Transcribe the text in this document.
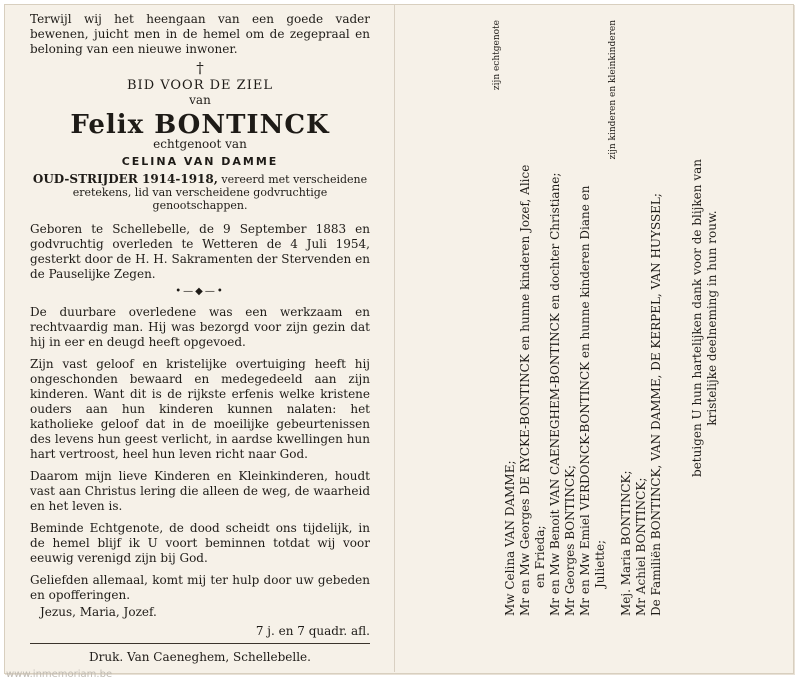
Terwijl wij het heengaan van een goede vader bewenen, juicht men in de hemel om de zegepraal en beloning van een nieuwe inwoner.

†

BID VOOR DE ZIEL

van

Felix BONTINCK

echtgenoot van

CELINA VAN DAMME

OUD-STRIJDER 1914-1918, vereerd met verscheidene eretekens, lid van verscheidene godvruchtige genootschappen.

Geboren te Schellebelle, de 9 September 1883 en godvruchtig overleden te Wetteren de 4 Juli 1954, gesterkt door de H. H. Sakramenten der Stervenden en de Pauselijke Zegen.

•—◆—•

De duurbare overledene was een werkzaam en rechtvaardig man. Hij was bezorgd voor zijn gezin dat hij in eer en deugd heeft opgevoed.

Zijn vast geloof en kristelijke overtuiging heeft hij ongeschonden bewaard en medegedeeld aan zijn kinderen. Want dit is de rijkste erfenis welke kristene ouders aan hun kinderen kunnen nalaten: het katholieke geloof dat in de moeilijke gebeurtenissen des levens hun geest verlicht, in aardse kwellingen hun hart vertroost, heel hun leven richt naar God.

Daarom mijn lieve Kinderen en Kleinkinderen, houdt vast aan Christus lering die alleen de weg, de waarheid en het leven is.

Beminde Echtgenote, de dood scheidt ons tijdelijk, in de hemel blijf ik U voort beminnen totdat wij voor eeuwig verenigd zijn bij God.

Geliefden allemaal, komt mij ter hulp door uw gebeden en opofferingen.

Jezus, Maria, Jozef.

7 j. en 7 quadr. afl.

Druk. Van Caeneghem, Schellebelle.

zijn echtgenote

Mw Celina VAN DAMME; Mr en Mw Georges DE RYCKE-BONTINCK en hunne kinderen Jozef, Alice en Frieda; Mr en Mw Benoit VAN CAENEGHEM-BONTINCK en dochter Christiane; Mr Georges BONTINCK; Mr en Mw Emiel VERDONCK-BONTINCK en hunne kinderen Diane en Juliette;

zijn kinderen en kleinkinderen

Mej. Maria BONTINCK; Mr Achiel BONTINCK; De Familiën BONTINCK, VAN DAMME, DE KERPEL, VAN HUYSSEL; betuigen U hun hartelijken dank voor de blijken van kristelijke deelneming in hun rouw.

www.inmemoriam.be
